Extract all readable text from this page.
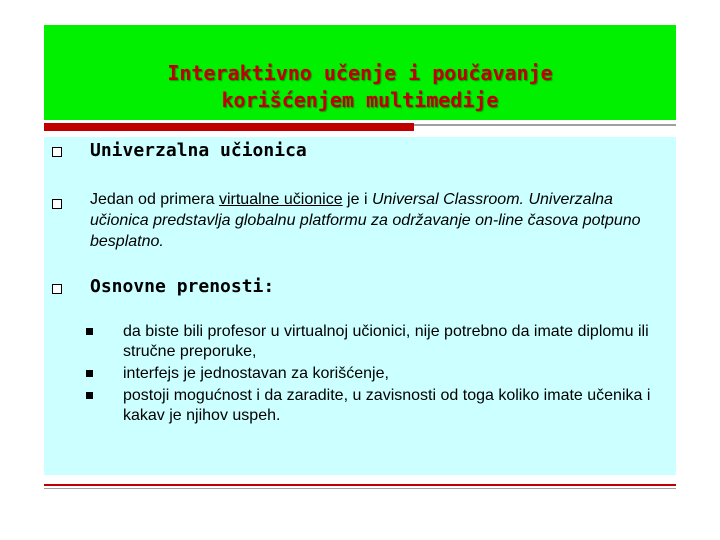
Interaktivno učenje i poučavanje
korišćenjem multimedije
Univerzalna učionica
Jedan od primera virtualne učionice je i Universal Classroom. Univerzalna učionica predstavlja globalnu platformu za održavanje on-line časova potpuno besplatno.
Osnovne prenosti:
da biste bili profesor u virtualnoj učionici, nije potrebno da imate diplomu ili stručne preporuke,
interfejs je jednostavan za korišćenje,
postoji mogućnost i da zaradite, u zavisnosti od toga koliko imate učenika i kakav je njihov uspeh.
